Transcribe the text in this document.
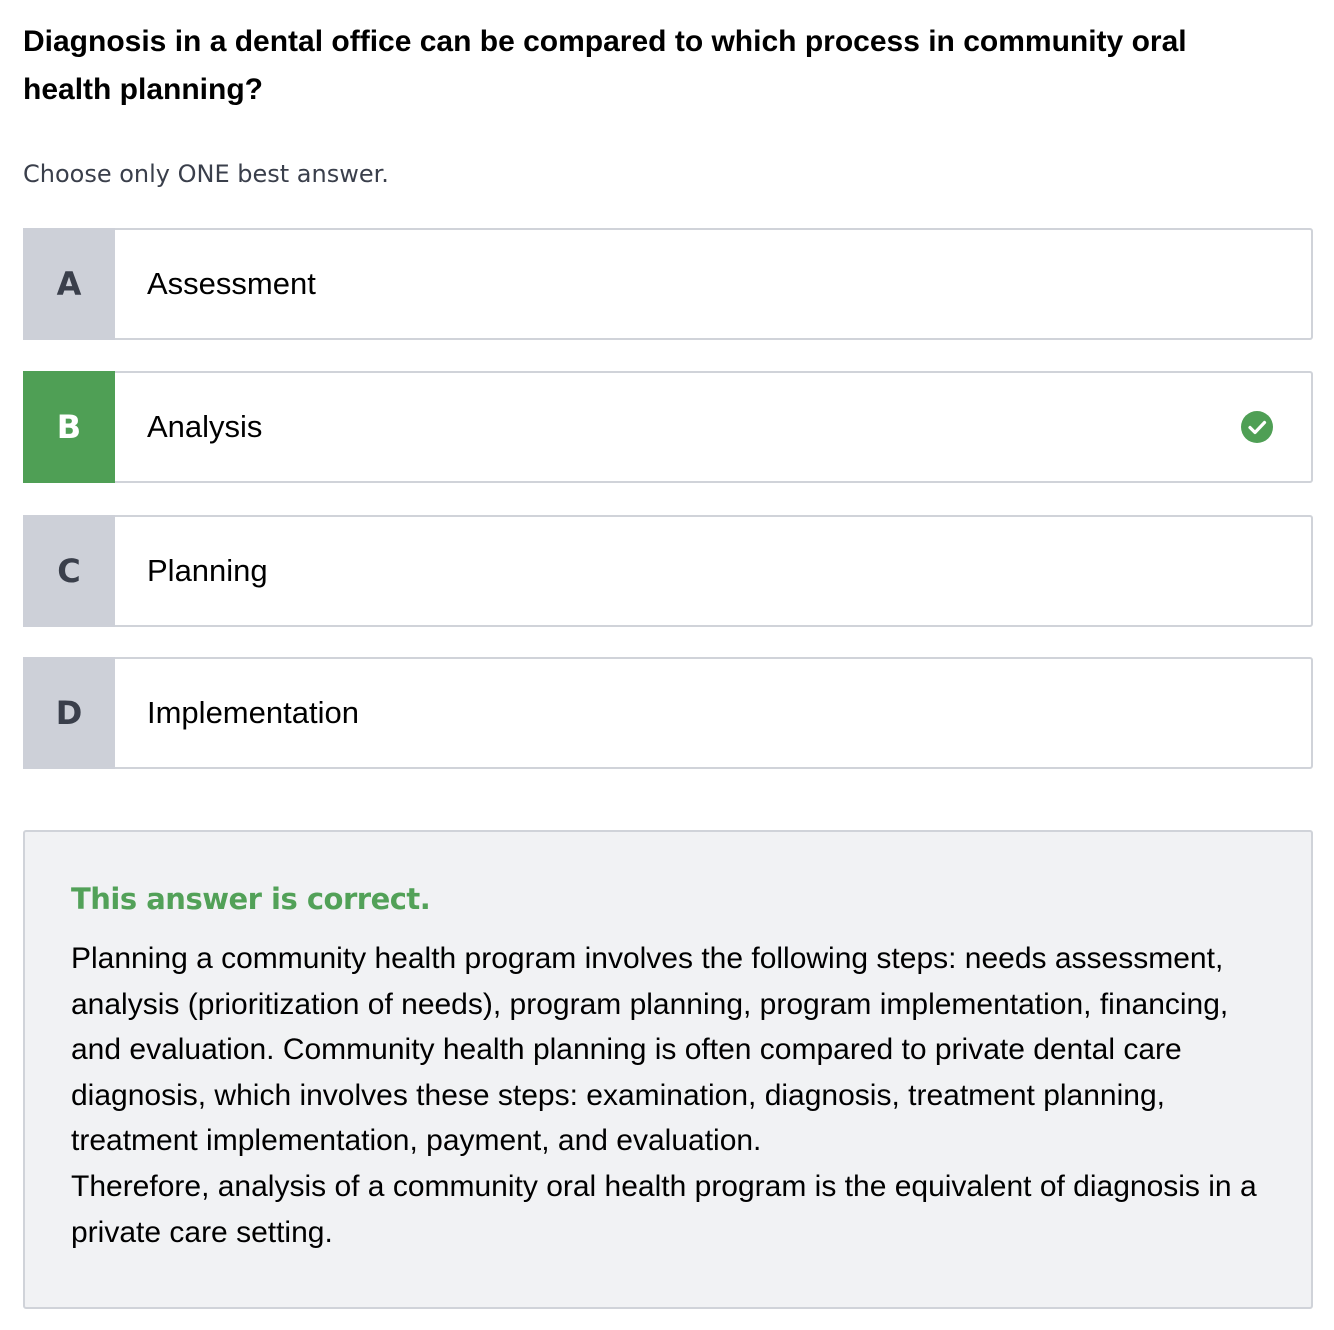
Diagnosis in a dental office can be compared to which process in community oral health planning?

Choose only ONE best answer.

A	Assessment
B	Analysis
C	Planning
D	Implementation

This answer is correct.

Planning a community health program involves the following steps: needs assessment, analysis (prioritization of needs), program planning, program implementation, financing, and evaluation. Community health planning is often compared to private dental care diagnosis, which involves these steps: examination, diagnosis, treatment planning, treatment implementation, payment, and evaluation.
Therefore, analysis of a community oral health program is the equivalent of diagnosis in a private care setting.
